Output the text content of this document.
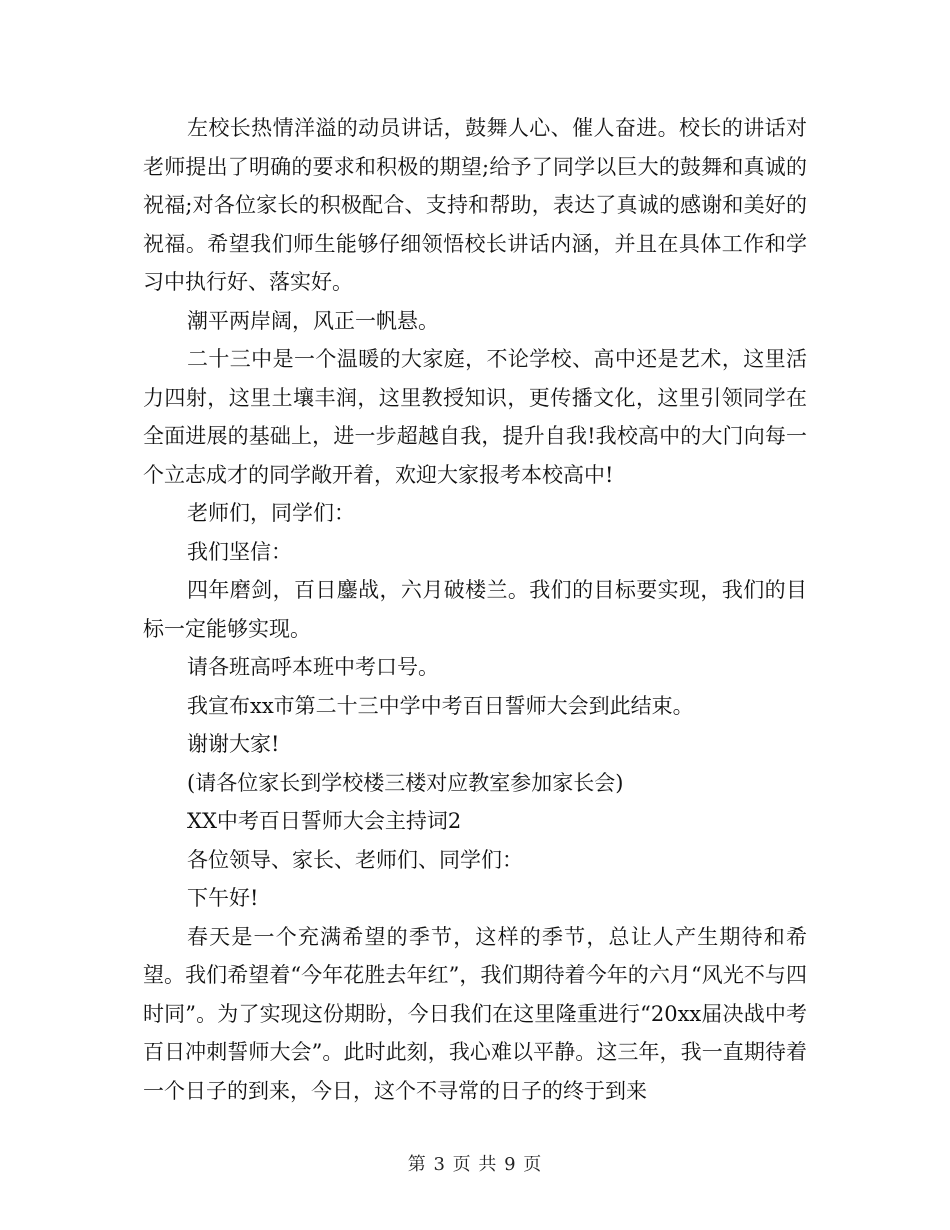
左校长热情洋溢的动员讲话，鼓舞人心、催人奋进。校长的讲话对老师提出了明确的要求和积极的期望;给予了同学以巨大的鼓舞和真诚的祝福;对各位家长的积极配合、支持和帮助，表达了真诚的感谢和美好的祝福。希望我们师生能够仔细领悟校长讲话内涵，并且在具体工作和学习中执行好、落实好。

潮平两岸阔，风正一帆悬。

二十三中是一个温暖的大家庭，不论学校、高中还是艺术，这里活力四射，这里土壤丰润，这里教授知识，更传播文化，这里引领同学在全面进展的基础上，进一步超越自我，提升自我!我校高中的大门向每一个立志成才的同学敞开着，欢迎大家报考本校高中!

老师们，同学们：

我们坚信：

四年磨剑，百日鏖战，六月破楼兰。我们的目标要实现，我们的目标一定能够实现。

请各班高呼本班中考口号。

我宣布xx市第二十三中学中考百日誓师大会到此结束。

谢谢大家!

(请各位家长到学校楼三楼对应教室参加家长会)

XX中考百日誓师大会主持词2

各位领导、家长、老师们、同学们：

下午好!

春天是一个充满希望的季节，这样的季节，总让人产生期待和希望。我们希望着“今年花胜去年红”，我们期待着今年的六月“风光不与四时同”。为了实现这份期盼，今日我们在这里隆重进行“20xx届决战中考百日冲刺誓师大会”。此时此刻，我心难以平静。这三年，我一直期待着一个日子的到来，今日，这个不寻常的日子的终于到来

第 3 页 共 9 页
